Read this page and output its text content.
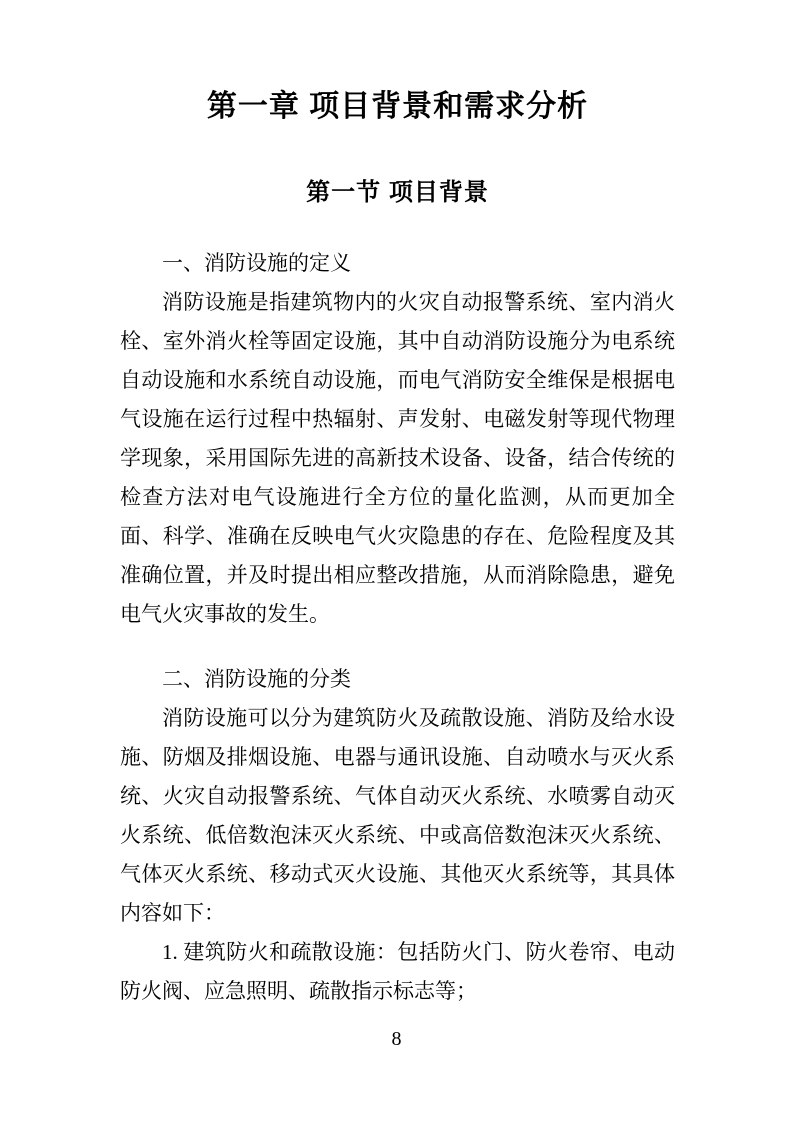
第一章 项目背景和需求分析
第一节 项目背景

一、消防设施的定义

消防设施是指建筑物内的火灾自动报警系统、室内消火栓、室外消火栓等固定设施，其中自动消防设施分为电系统自动设施和水系统自动设施，而电气消防安全维保是根据电气设施在运行过程中热辐射、声发射、电磁发射等现代物理学现象，采用国际先进的高新技术设备、设备，结合传统的检查方法对电气设施进行全方位的量化监测，从而更加全面、科学、准确在反映电气火灾隐患的存在、危险程度及其准确位置，并及时提出相应整改措施，从而消除隐患，避免电气火灾事故的发生。

二、消防设施的分类

消防设施可以分为建筑防火及疏散设施、消防及给水设施、防烟及排烟设施、电器与通讯设施、自动喷水与灭火系统、火灾自动报警系统、气体自动灭火系统、水喷雾自动灭火系统、低倍数泡沫灭火系统、中或高倍数泡沫灭火系统、气体灭火系统、移动式灭火设施、其他灭火系统等，其具体内容如下：

1. 建筑防火和疏散设施：包括防火门、防火卷帘、电动防火阀、应急照明、疏散指示标志等；

8
